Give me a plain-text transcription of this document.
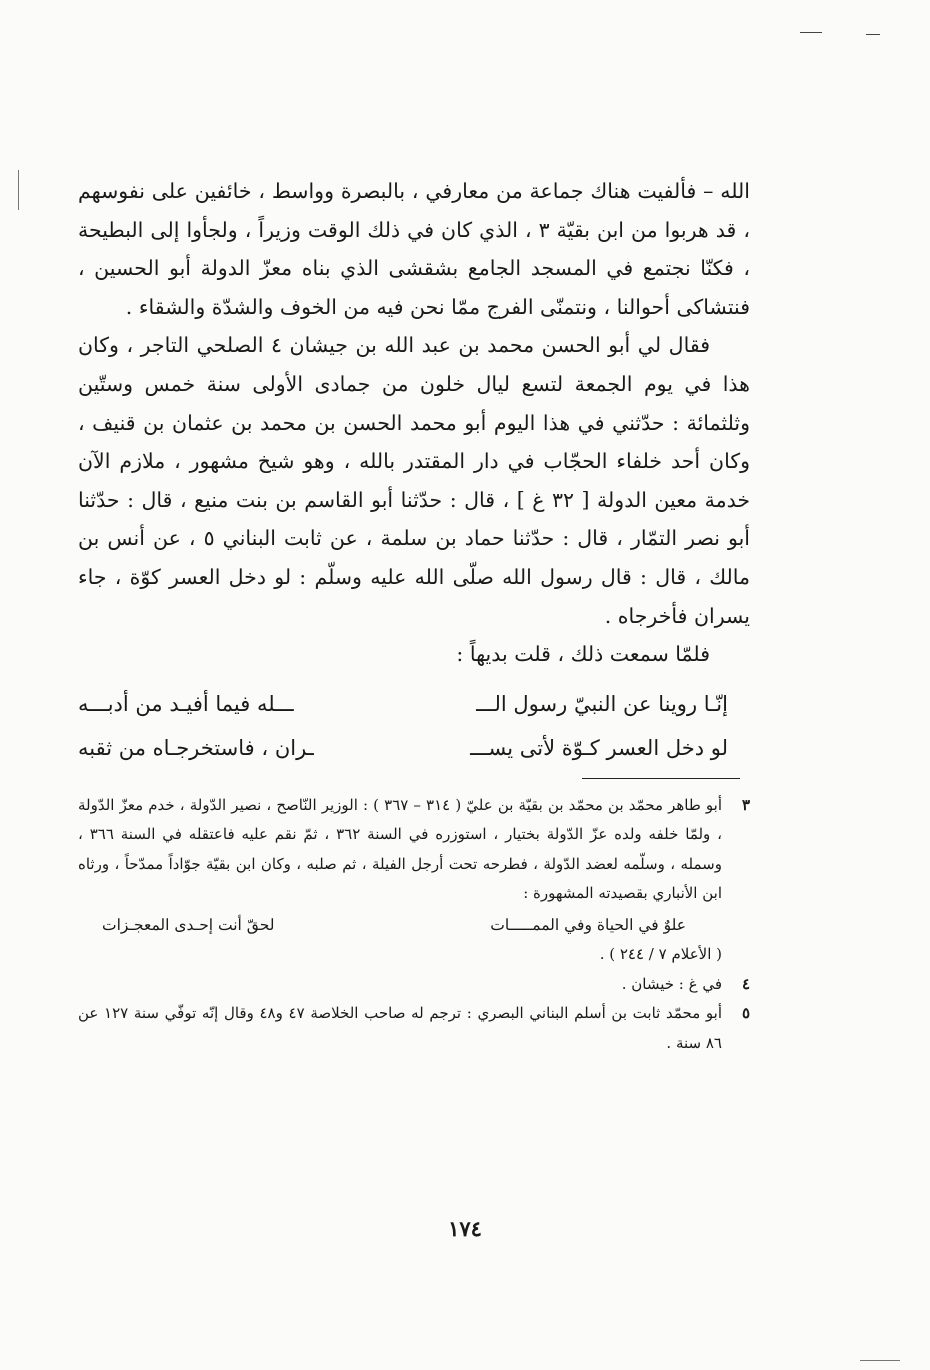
الله – فألفيت هناك جماعة من معارفي ، بالبصرة وواسط ، خائفين على نفوسهم ، قد هربوا من ابن بقيّة ٣ ، الذي كان في ذلك الوقت وزيراً ، ولجأوا إلى البطيحة ، فكنّا نجتمع في المسجد الجامع بشقشى الذي بناه معزّ الدولة أبو الحسين ، فنتشاكى أحوالنا ، ونتمنّى الفرج ممّا نحن فيه من الخوف والشدّة والشقاء .

فقال لي أبو الحسن محمد بن عبد الله بن جيشان ٤ الصلحي التاجر ، وكان هذا في يوم الجمعة لتسع ليال خلون من جمادى الأولى سنة خمس وستّين وثلثمائة : حدّثني في هذا اليوم أبو محمد الحسن بن محمد بن عثمان بن قنيف ، وكان أحد خلفاء الحجّاب في دار المقتدر بالله ، وهو شيخ مشهور ، ملازم الآن خدمة معين الدولة [ ٣٢ غ ] ، قال : حدّثنا أبو القاسم بن بنت منيع ، قال : حدّثنا أبو نصر التمّار ، قال : حدّثنا حماد بن سلمة ، عن ثابت البناني ٥ ، عن أنس بن مالك ، قال : قال رسول الله صلّى الله عليه وسلّم : لو دخل العسر كوّة ، جاء يسران فأخرجاه .

فلمّا سمعت ذلك ، قلت بديهاً :

إنّـا روينا عن النبيّ رسول الـــ
ـــله فيما أفيـد من أدبـــه
لو دخل العسر كـوّة لأتى يســـ
ـران ، فاستخرجـاه من ثقبه
٣
أبو طاهر محمّد بن محمّد بن بقيّة بن عليّ ( ٣١٤ – ٣٦٧ ) : الوزير النّاصح ، نصير الدّولة ، خدم معزّ الدّولة ، ولمّا خلفه ولده عزّ الدّولة بختيار ، استوزره في السنة ٣٦٢ ، ثمّ نقم عليه فاعتقله في السنة ٣٦٦ ، وسمله ، وسلّمه لعضد الدّولة ، فطرحه تحت أرجل الفيلة ، ثم صلبه ، وكان ابن بقيّة جوّاداً ممدّحاً ، ورثاه ابن الأنباري بقصيدته المشهورة :
علوٌ في الحياة وفي الممـــــات
لحقّ أنت إحـدى المعجـزات
( الأعلام ٧ / ٢٤٤ ) .
٤
في غ : خيشان .
٥
أبو محمّد ثابت بن أسلم البناني البصري : ترجم له صاحب الخلاصة ٤٧ و٤٨ وقال إنّه توفّي سنة ١٢٧ عن ٨٦ سنة .
١٧٤
